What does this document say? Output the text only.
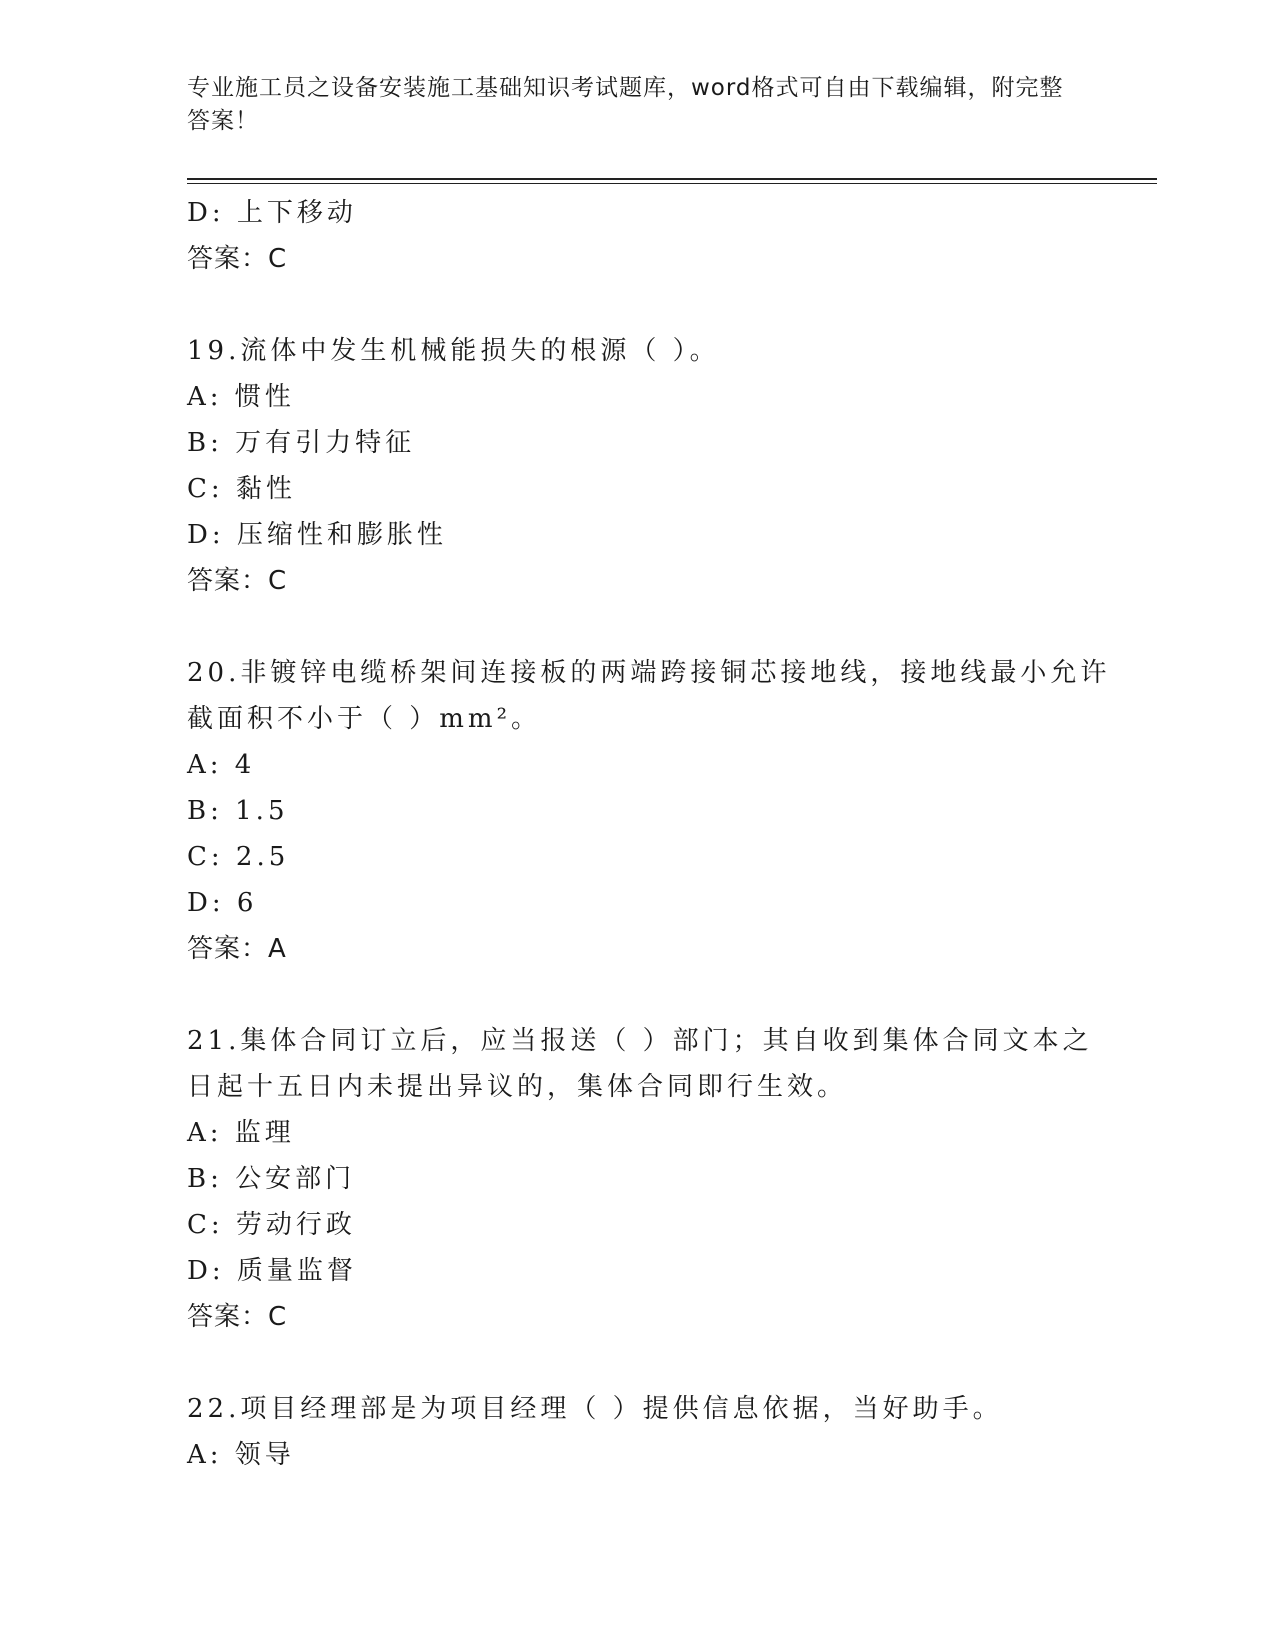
专业施工员之设备安装施工基础知识考试题库，word格式可自由下载编辑，附完整答案！
D: 上下移动
答案：C
19.流体中发生机械能损失的根源（ ）。
A: 惯性
B: 万有引力特征
C: 黏性
D: 压缩性和膨胀性
答案：C
20.非镀锌电缆桥架间连接板的两端跨接铜芯接地线，接地线最小允许
截面积不小于（ ）mm²。
A: 4
B: 1.5
C: 2.5
D: 6
答案：A
21.集体合同订立后，应当报送（ ）部门；其自收到集体合同文本之
日起十五日内未提出异议的，集体合同即行生效。
A: 监理
B: 公安部门
C: 劳动行政
D: 质量监督
答案：C
22.项目经理部是为项目经理（ ）提供信息依据，当好助手。
A: 领导
